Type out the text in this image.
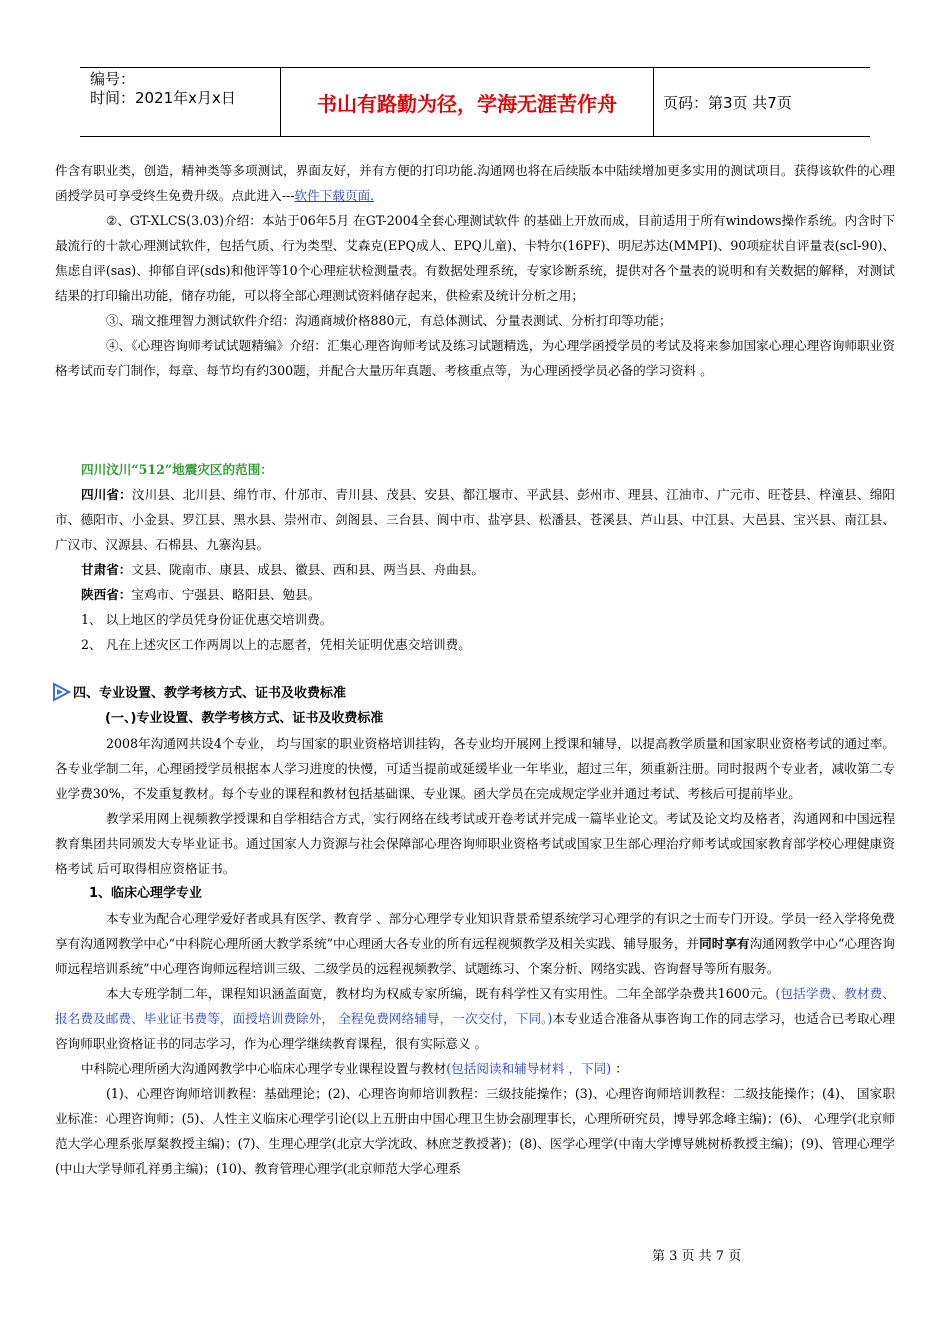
编号：
时间：2021年x月x日	书山有路勤为径，学海无涯苦作舟	页码：第3页 共7页

件含有职业类，创造，精神类等多项测试，界面友好，并有方便的打印功能.沟通网也将在后续版本中陆续增加更多实用的测试项目。获得该软件的心理函授学员可享受终生免费升级。点此进入---软件下载页面.

②、GT-XLCS(3.03)介绍：本站于06年5月 在GT-2004全套心理测试软件 的基础上开放而成，目前适用于所有windows操作系统。内含时下最流行的十款心理测试软件，包括气质、行为类型、艾森克(EPQ成人、EPQ儿童)、卡特尔(16PF)、明尼苏达(MMPI)、90项症状自评量表(scl-90)、焦虑自评(sas)、抑郁自评(sds)和他评等10个心理症状检测量表。有数据处理系统，专家诊断系统，提供对各个量表的说明和有关数据的解释，对测试结果的打印输出功能，储存功能，可以将全部心理测试资料储存起来，供检索及统计分析之用；

③、瑞文推理智力测试软件介绍：沟通商城价格880元，有总体测试、分量表测试、分析打印等功能；

④、《心理咨询师考试试题精编》介绍：汇集心理咨询师考试及练习试题精选，为心理学函授学员的考试及将来参加国家心理心理咨询师职业资格考试而专门制作，每章、每节均有约300题，并配合大量历年真题、考核重点等，为心理函授学员必备的学习资料 。

四川汶川“512”地震灾区的范围：

四川省：汶川县、北川县、绵竹市、什邡市、青川县、茂县、安县、都江堰市、平武县、彭州市、理县、江油市、广元市、旺苍县、梓潼县、绵阳市、德阳市、小金县、罗江县、黑水县、崇州市、剑阁县、三台县、阆中市、盐亭县、松潘县、苍溪县、芦山县、中江县、大邑县、宝兴县、南江县、广汉市、汉源县、石棉县、九寨沟县。

甘肃省：文县、陇南市、康县、成县、徽县、西和县、两当县、舟曲县。

陕西省：宝鸡市、宁强县、略阳县、勉县。

1、 以上地区的学员凭身份证优惠交培训费。

2、 凡在上述灾区工作两周以上的志愿者，凭相关证明优惠交培训费。

四、专业设置、教学考核方式、证书及收费标准

(一、)专业设置、教学考核方式、证书及收费标准

2008年沟通网共设4个专业， 均与国家的职业资格培训挂钩，各专业均开展网上授课和辅导，以提高教学质量和国家职业资格考试的通过率。各专业学制二年，心理函授学员根据本人学习进度的快慢，可适当提前或延缓毕业一年毕业，超过三年，须重新注册。同时报两个专业者，减收第二专业学费30%，不发重复教材。每个专业的课程和教材包括基础课、专业课。函大学员在完成规定学业并通过考试、考核后可提前毕业。

教学采用网上视频教学授课和自学相结合方式，实行网络在线考试或开卷考试并完成一篇毕业论文。考试及论文均及格者，沟通网和中国远程教育集团共同颁发大专毕业证书。通过国家人力资源与社会保障部心理咨询师职业资格考试或国家卫生部心理治疗师考试或国家教育部学校心理健康资格考试 后可取得相应资格证书。

1、临床心理学专业

本专业为配合心理学爱好者或具有医学、教育学 、部分心理学专业知识背景希望系统学习心理学的有识之士而专门开设。学员一经入学将免费享有沟通网教学中心“中科院心理所函大教学系统”中心理函大各专业的所有远程视频教学及相关实践、辅导服务，并同时享有沟通网教学中心“心理咨询师远程培训系统”中心理咨询师远程培训三级、二级学员的远程视频教学、试题练习、个案分析、网络实践、咨询督导等所有服务。

本大专班学制二年，课程知识涵盖面宽，教材均为权威专家所编，既有科学性又有实用性。二年全部学杂费共1600元。(包括学费、教材费、报名费及邮费、毕业证书费等，面授培训费除外， 全程免费网络辅导，一次交付，下同。)本专业适合准备从事咨询工作的同志学习，也适合已考取心理咨询师职业资格证书的同志学习，作为心理学继续教育课程，很有实际意义 。

中科院心理所函大沟通网教学中心临床心理学专业课程设置与教材(包括阅读和辅导材料 ，下同) ：

(1)、心理咨询师培训教程：基础理论；(2)、心理咨询师培训教程：三级技能操作；(3)、心理咨询师培训教程：二级技能操作；(4)、 国家职业标准：心理咨询师；(5)、人性主义临床心理学引论(以上五册由中国心理卫生协会副理事长，心理所研究员，博导郭念峰主编)；(6)、 心理学(北京师范大学心理系张厚粲教授主编)；(7)、生理心理学(北京大学沈政、林庶芝教授著)；(8)、医学心理学(中南大学博导姚树桥教授主编)；(9)、管理心理学(中山大学导师孔祥勇主编)；(10)、教育管理心理学(北京师范大学心理系

第 3 页 共 7 页
